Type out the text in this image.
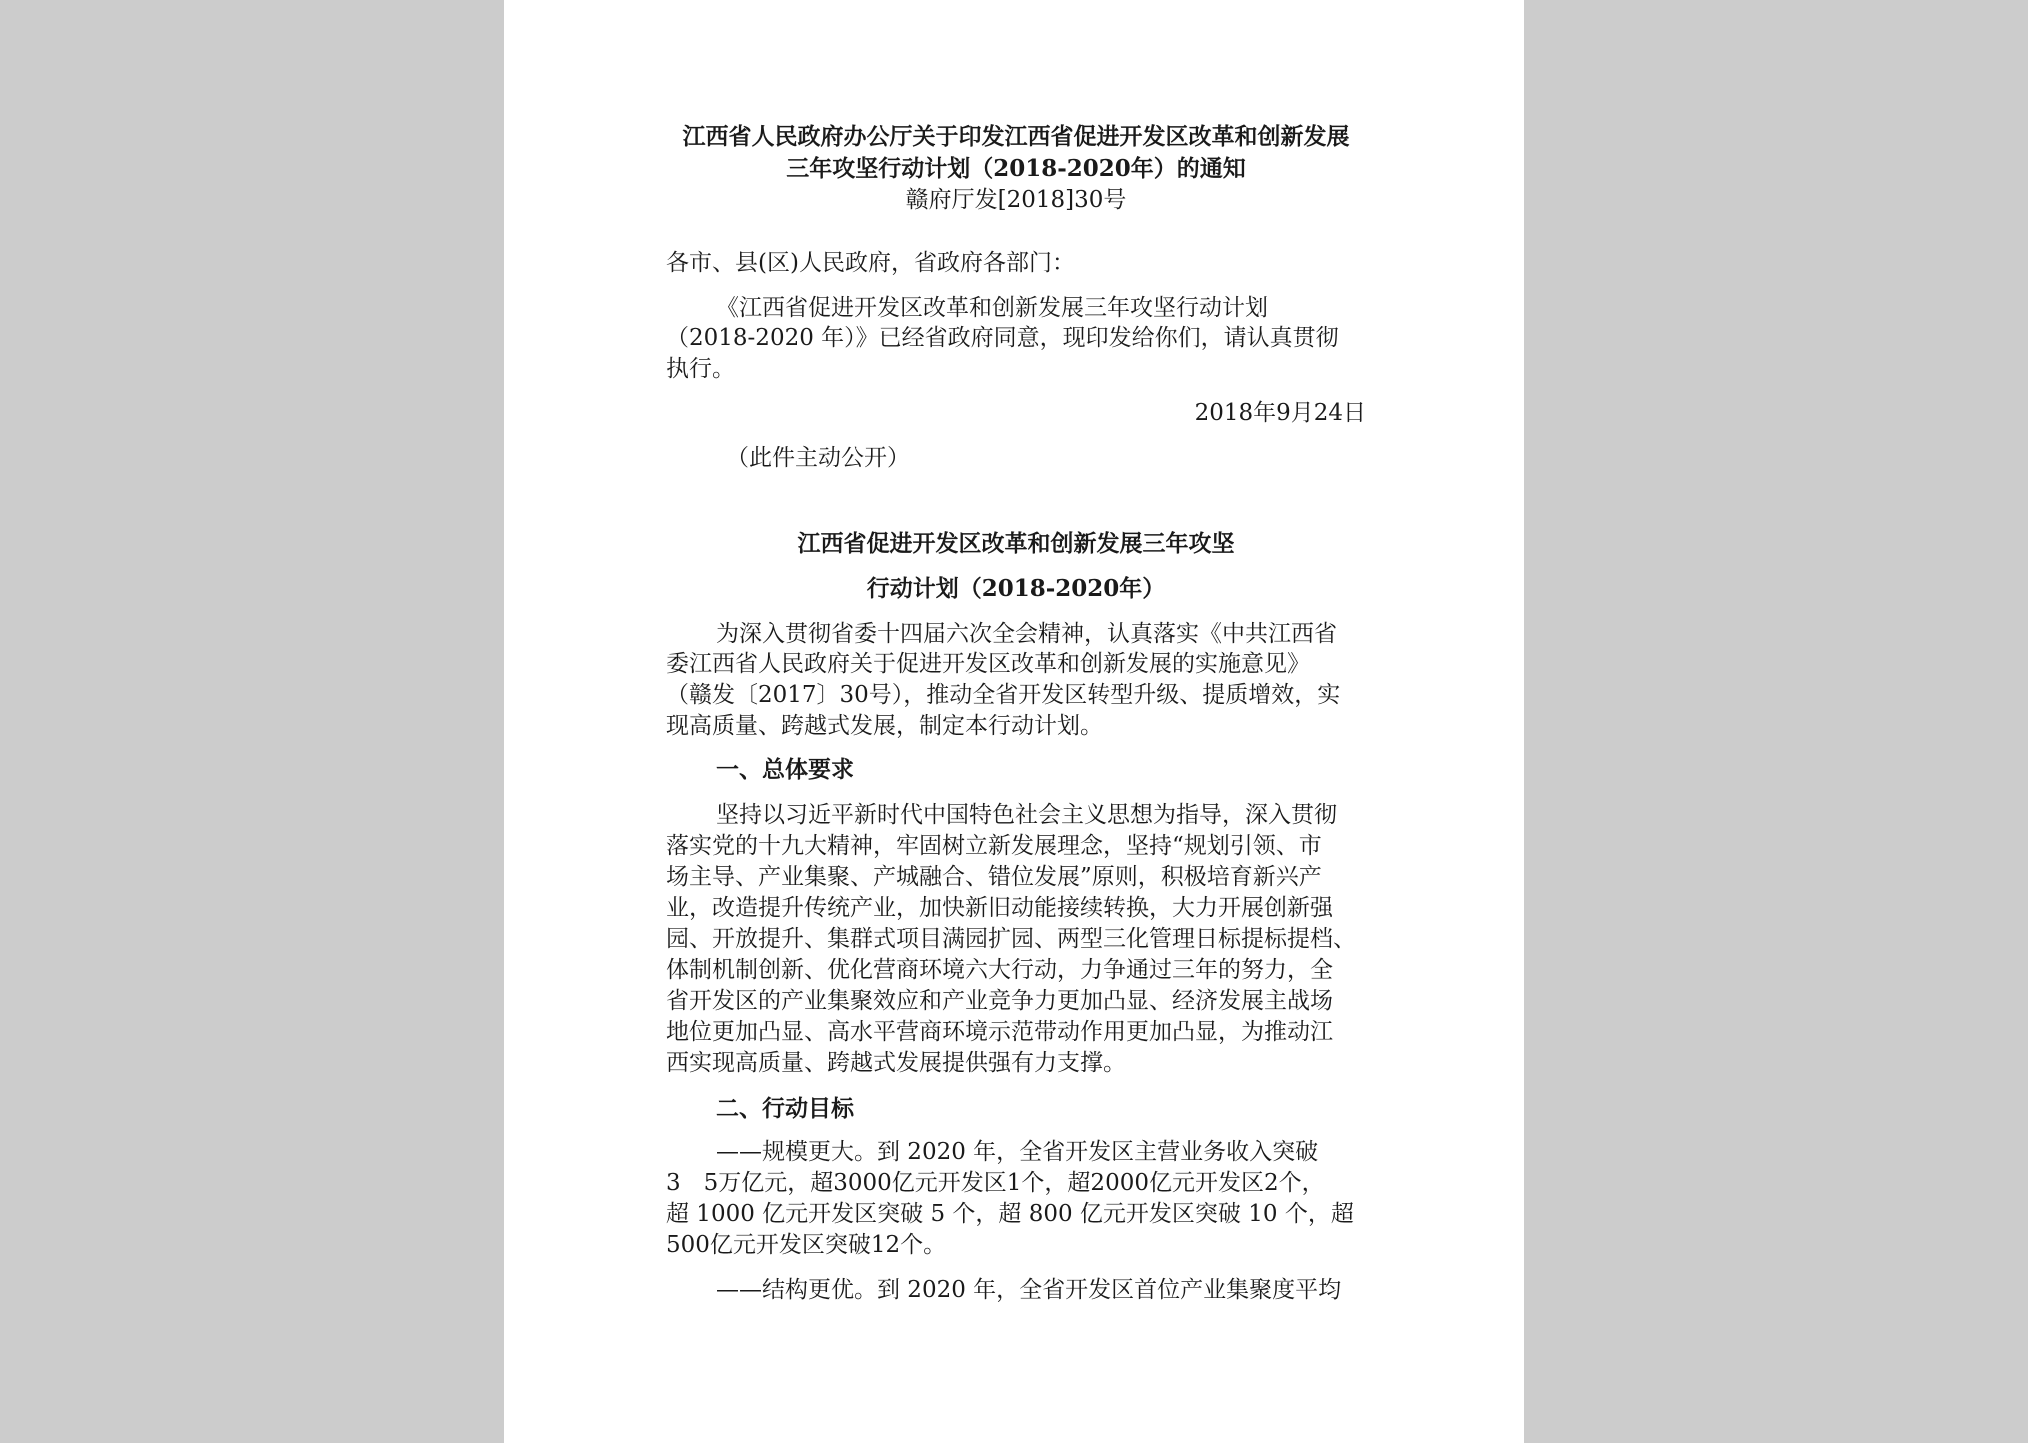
江西省人民政府办公厅关于印发江西省促进开发区改革和创新发展
三年攻坚行动计划（2018-2020年）的通知
赣府厅发[2018]30号
各市、县(区)人民政府，省政府各部门：
《江西省促进开发区改革和创新发展三年攻坚行动计划
（2018-2020 年）》已经省政府同意，现印发给你们，请认真贯彻
执行。
2018年9月24日
（此件主动公开）
江西省促进开发区改革和创新发展三年攻坚
行动计划（2018-2020年）
为深入贯彻省委十四届六次全会精神，认真落实《中共江西省
委江西省人民政府关于促进开发区改革和创新发展的实施意见》
（赣发〔2017〕30号），推动全省开发区转型升级、提质增效，实
现高质量、跨越式发展，制定本行动计划。
一、总体要求
坚持以习近平新时代中国特色社会主义思想为指导，深入贯彻
落实党的十九大精神，牢固树立新发展理念，坚持“规划引领、市
场主导、产业集聚、产城融合、错位发展”原则，积极培育新兴产
业，改造提升传统产业，加快新旧动能接续转换，大力开展创新强
园、开放提升、集群式项目满园扩园、两型三化管理日标提标提档、
体制机制创新、优化营商环境六大行动，力争通过三年的努力，全
省开发区的产业集聚效应和产业竞争力更加凸显、经济发展主战场
地位更加凸显、高水平营商环境示范带动作用更加凸显，为推动江
西实现高质量、跨越式发展提供强有力支撑。
二、行动目标
——规模更大。到 2020 年，全省开发区主营业务收入突破
3　5万亿元，超3000亿元开发区1个，超2000亿元开发区2个，
超 1000 亿元开发区突破 5 个，超 800 亿元开发区突破 10 个，超
500亿元开发区突破12个。
——结构更优。到 2020 年，全省开发区首位产业集聚度平均
